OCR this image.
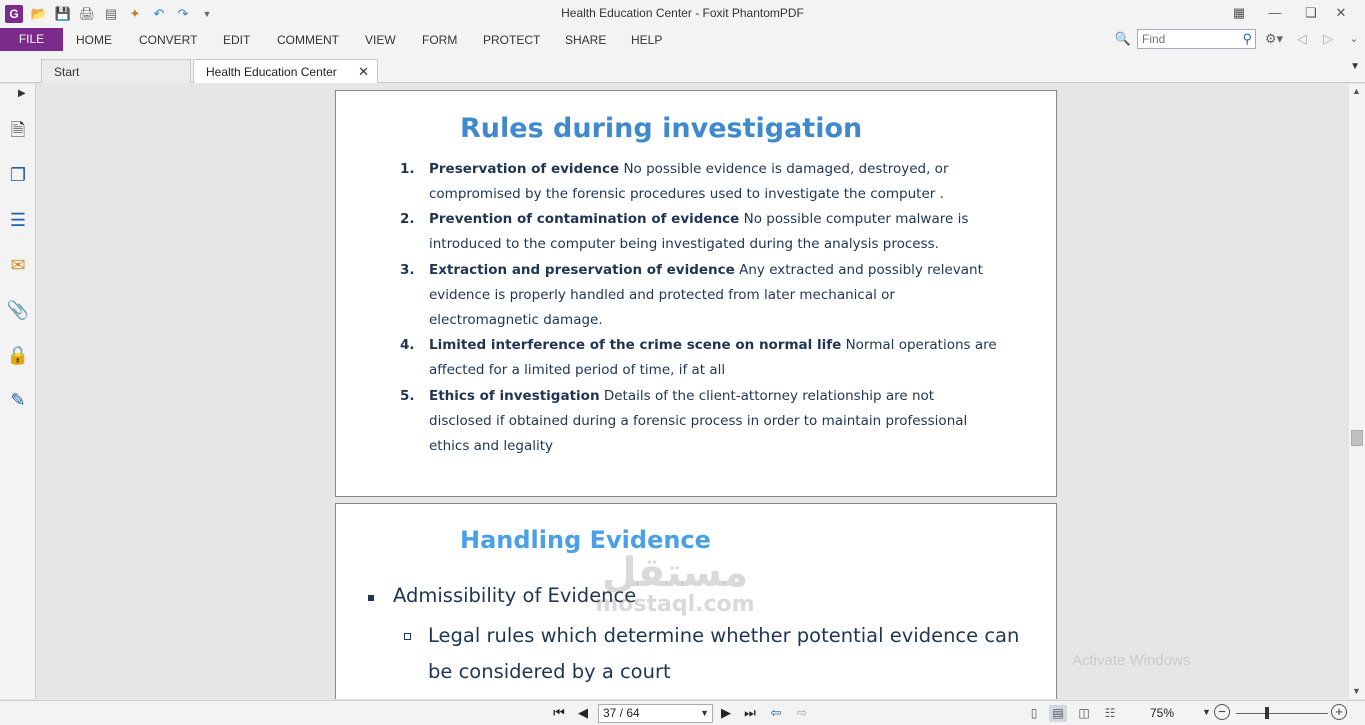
G 📂 💾 🖨 ▤ ✦ ↶ ↷	▼	Health Education Center - Foxit PhantomPDF	▦ —	❏	✕
FILE	HOME CONVERT EDIT COMMENT VIEW FORM PROTECT SHARE HELP	🔍
Find	⚲ ⚙▾	◁	▷	⌄
Start	Health Education Center ✕	▼
▶
🗎
❐
☰
✉
📎
🔒
✎
Rules during investigation
1. Preservation of evidence No possible evidence is damaged, destroyed, or compromised by the forensic procedures used to investigate the computer .
2. Prevention of contamination of evidence No possible computer malware is introduced to the computer being investigated during the analysis process.
3. Extraction and preservation of evidence Any extracted and possibly relevant evidence is properly handled and protected from later mechanical or electromagnetic damage.
4. Limited interference of the crime scene on normal life Normal operations are affected for a limited period of time, if at all
5. Ethics of investigation Details of the client-attorney relationship are not disclosed if obtained during a forensic process in order to maintain professional ethics and legality
Handling Evidence
Admissibility of Evidence
Legal rules which determine whether potential evidence can be considered by a court
مستقل
mostaql.com
Activate Windows
▲
▼
⏮	◀	37 / 64	▼ ▶	⏭ ⇦ ⇨	▯	▤ ◫	☷	75%	▼ −	+
